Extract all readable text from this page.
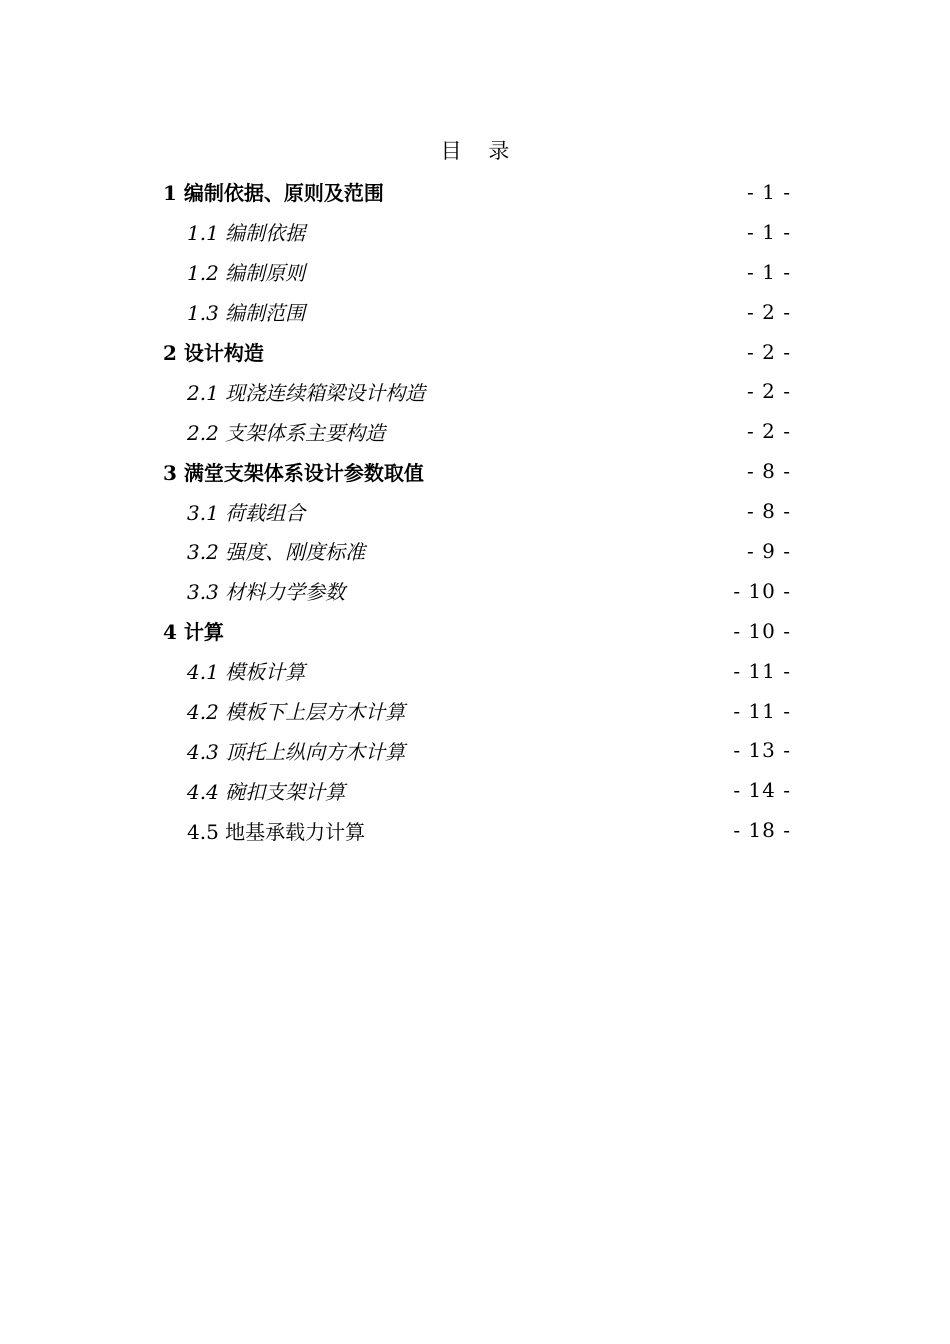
目 录
1 编制依据、原则及范围	- 1 -
1.1 编制依据	- 1 -
1.2 编制原则	- 1 -
1.3 编制范围	- 2 -
2 设计构造	- 2 -
2.1 现浇连续箱梁设计构造	- 2 -
2.2 支架体系主要构造	- 2 -
3 满堂支架体系设计参数取值	- 8 -
3.1 荷载组合	- 8 -
3.2 强度、刚度标准	- 9 -
3.3 材料力学参数	- 10 -
4 计算	- 10 -
4.1 模板计算	- 11 -
4.2 模板下上层方木计算	- 11 -
4.3 顶托上纵向方木计算	- 13 -
4.4 碗扣支架计算	- 14 -
4.5 地基承载力计算	- 18 -
